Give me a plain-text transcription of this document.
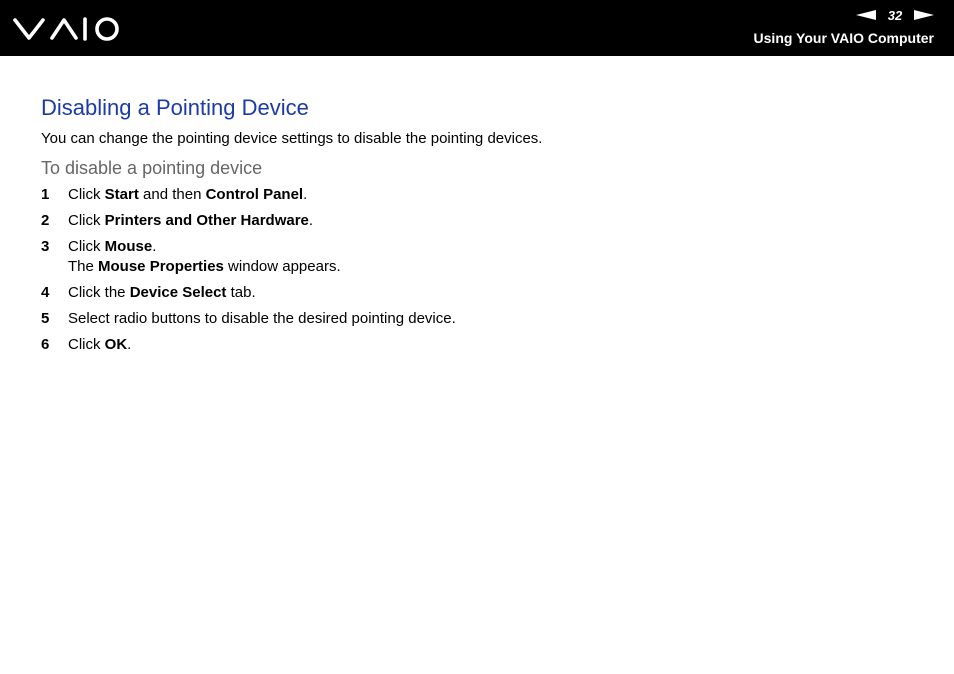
32
Using Your VAIO Computer
Disabling a Pointing Device

You can change the pointing device settings to disable the pointing devices.

To disable a pointing device
1 Click Start and then Control Panel.
2 Click Printers and Other Hardware.
3 Click Mouse.
The Mouse Properties window appears.
4 Click the Device Select tab.
5 Select radio buttons to disable the desired pointing device.
6 Click OK.
